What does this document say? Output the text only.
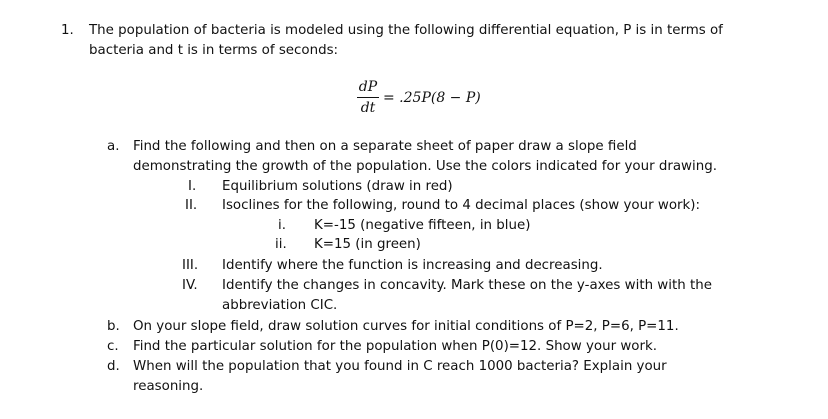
1. The population of bacteria is modeled using the following differential equation, P is in terms of
bacteria and t is in terms of seconds:
dP
dt
= .25P(8 − P)
a. Find the following and then on a separate sheet of paper draw a slope field
demonstrating the growth of the population. Use the colors indicated for your drawing.
I. Equilibrium solutions (draw in red)
II. Isoclines for the following, round to 4 decimal places (show your work):
i. K=-15 (negative fifteen, in blue)
ii. K=15 (in green)
III. Identify where the function is increasing and decreasing.
IV. Identify the changes in concavity. Mark these on the y-axes with with the
abbreviation CIC.
b. On your slope field, draw solution curves for initial conditions of P=2, P=6, P=11.
c. Find the particular solution for the population when P(0)=12. Show your work.
d. When will the population that you found in C reach 1000 bacteria? Explain your
reasoning.
